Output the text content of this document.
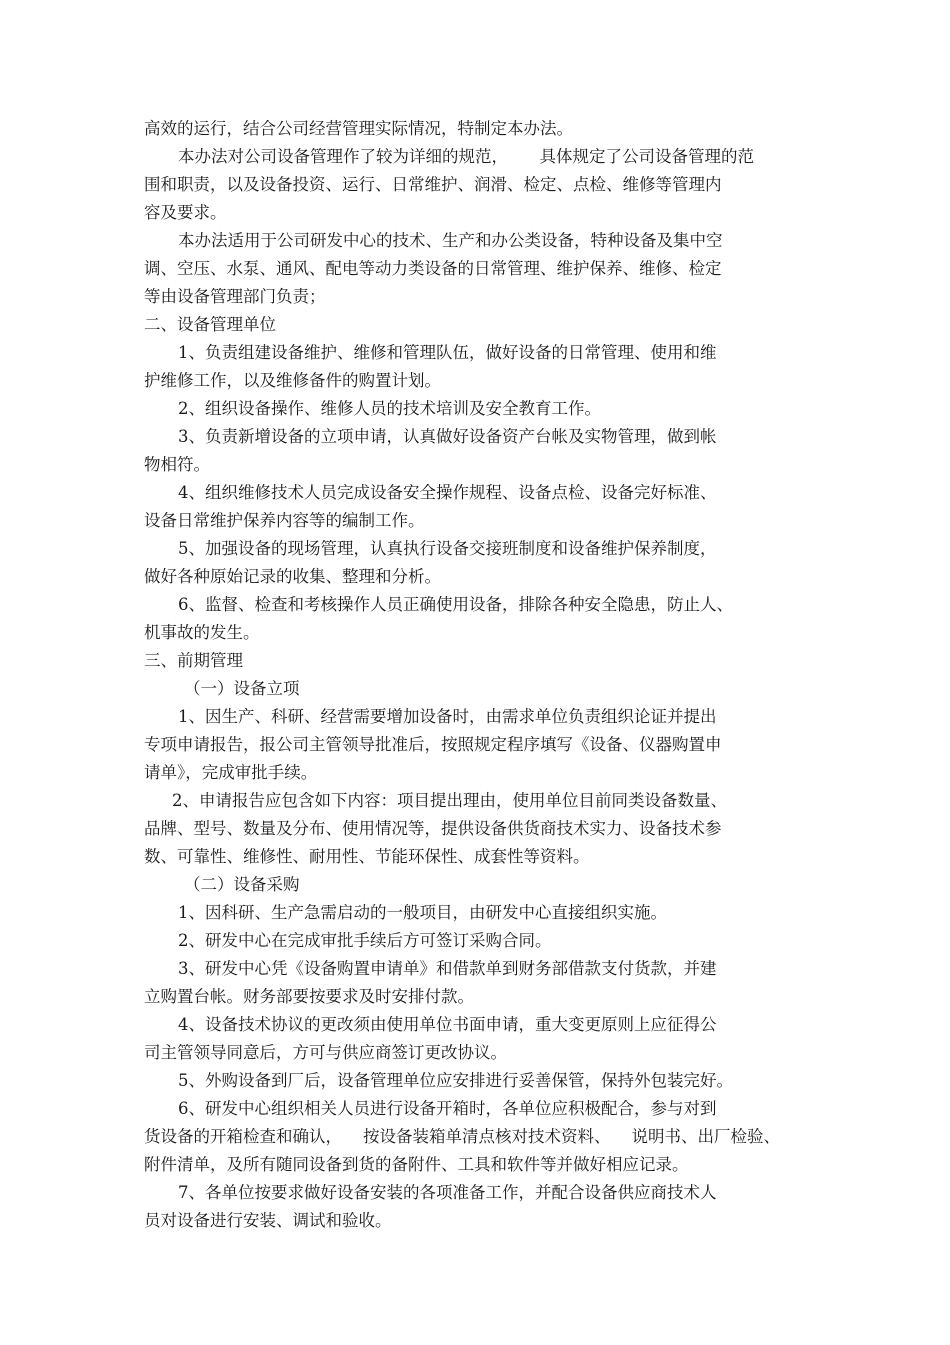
高效的运行，结合公司经营管理实际情况，特制定本办法。
本办法对公司设备管理作了较为详细的规范，      具体规定了公司设备管理的范
围和职责，以及设备投资、运行、日常维护、润滑、检定、点检、维修等管理内
容及要求。
本办法适用于公司研发中心的技术、生产和办公类设备，特种设备及集中空
调、空压、水泵、通风、配电等动力类设备的日常管理、维护保养、维修、检定
等由设备管理部门负责；
二、设备管理单位
1、负责组建设备维护、维修和管理队伍，做好设备的日常管理、使用和维
护维修工作，以及维修备件的购置计划。
2、组织设备操作、维修人员的技术培训及安全教育工作。
3、负责新增设备的立项申请，认真做好设备资产台帐及实物管理，做到帐
物相符。
4、组织维修技术人员完成设备安全操作规程、设备点检、设备完好标准、
设备日常维护保养内容等的编制工作。
5、加强设备的现场管理，认真执行设备交接班制度和设备维护保养制度，
做好各种原始记录的收集、整理和分析。
6、监督、检查和考核操作人员正确使用设备，排除各种安全隐患，防止人、
机事故的发生。
三、前期管理
（一）设备立项
1、因生产、科研、经营需要增加设备时，由需求单位负责组织论证并提出
专项申请报告，报公司主管领导批准后，按照规定程序填写《设备、仪器购置申
请单》，完成审批手续。
2、申请报告应包含如下内容：项目提出理由，使用单位目前同类设备数量、
品牌、型号、数量及分布、使用情况等，提供设备供货商技术实力、设备技术参
数、可靠性、维修性、耐用性、节能环保性、成套性等资料。
（二）设备采购
1、因科研、生产急需启动的一般项目，由研发中心直接组织实施。
2、研发中心在完成审批手续后方可签订采购合同。
3、研发中心凭《设备购置申请单》和借款单到财务部借款支付货款，并建
立购置台帐。财务部要按要求及时安排付款。
4、设备技术协议的更改须由使用单位书面申请，重大变更原则上应征得公
司主管领导同意后，方可与供应商签订更改协议。
5、外购设备到厂后，设备管理单位应安排进行妥善保管，保持外包装完好。
6、研发中心组织相关人员进行设备开箱时，各单位应积极配合，参与对到
货设备的开箱检查和确认，    按设备装箱单清点核对技术资料、    说明书、出厂检验、
附件清单，及所有随同设备到货的备附件、工具和软件等并做好相应记录。
7、各单位按要求做好设备安装的各项准备工作，并配合设备供应商技术人
员对设备进行安装、调试和验收。
